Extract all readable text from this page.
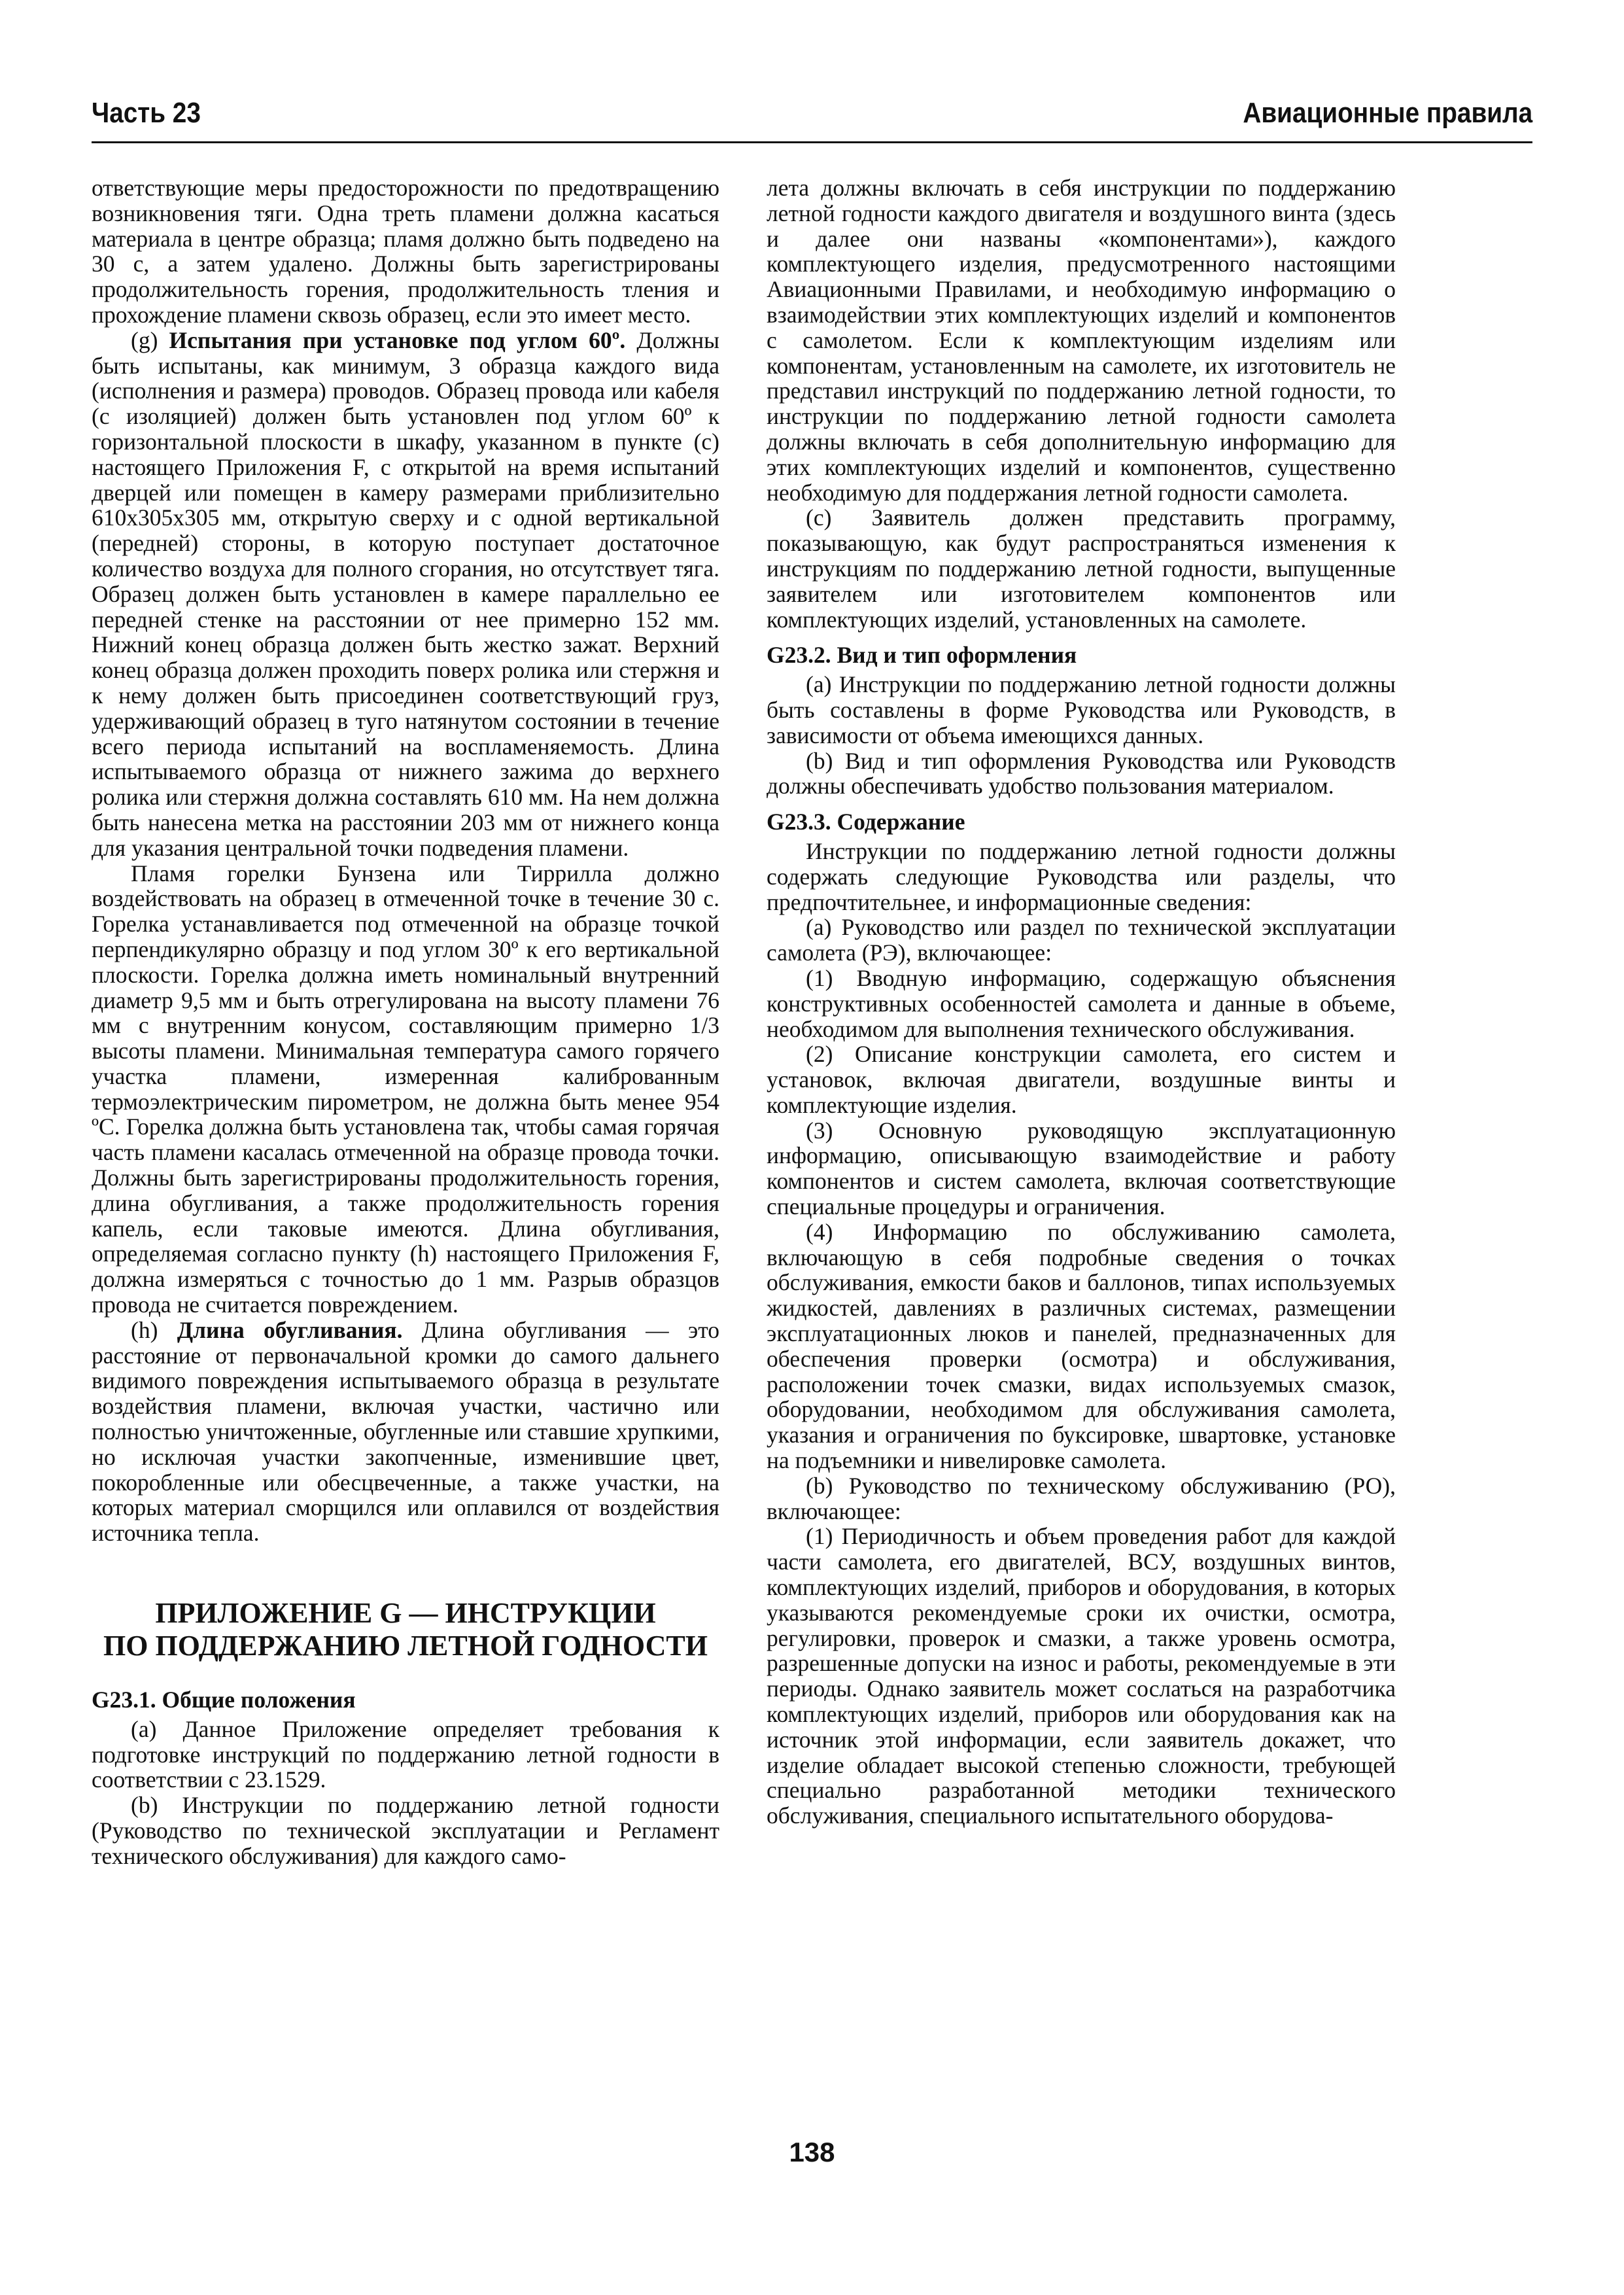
Часть 23	Авиационные правила

ответствующие меры предосторожности по предотвращению возникновения тяги. Одна треть пламени должна касаться материала в центре образца; пламя должно быть подведено на 30 с, а затем удалено. Должны быть зарегистрированы продолжительность горения, продолжительность тления и прохождение пламени сквозь образец, если это имеет место.

(g) Испытания при установке под углом 60º. Должны быть испытаны, как минимум, 3 образца каждого вида (исполнения и размера) проводов. Образец провода или кабеля (с изоляцией) должен быть установлен под углом 60º к горизонтальной плоскости в шкафу, указанном в пункте (c) настоящего Приложения F, с открытой на время испытаний дверцей или помещен в камеру размерами приблизительно 610x305x305 мм, открытую сверху и с одной вертикальной (передней) стороны, в которую поступает достаточное количество воздуха для полного сгорания, но отсутствует тяга. Образец должен быть установлен в камере параллельно ее передней стенке на расстоянии от нее примерно 152 мм. Нижний конец образца должен быть жестко зажат. Верхний конец образца должен проходить поверх ролика или стержня и к нему должен быть присоединен соответствующий груз, удерживающий образец в туго натянутом состоянии в течение всего периода испытаний на воспламеняемость. Длина испытываемого образца от нижнего зажима до верхнего ролика или стержня должна составлять 610 мм. На нем должна быть нанесена метка на расстоянии 203 мм от нижнего конца для указания центральной точки подведения пламени.

Пламя горелки Бунзена или Тиррилла должно воздействовать на образец в отмеченной точке в течение 30 с. Горелка устанавливается под отмеченной на образце точкой перпендикулярно образцу и под углом 30º к его вертикальной плоскости. Горелка должна иметь номинальный внутренний диаметр 9,5 мм и быть отрегулирована на высоту пламени 76 мм с внутренним конусом, составляющим примерно 1/3 высоты пламени. Минимальная температура самого горячего участка пламени, измеренная калиброванным термоэлектрическим пирометром, не должна быть менее 954 ºС. Горелка должна быть установлена так, чтобы самая горячая часть пламени касалась отмеченной на образце провода точки. Должны быть зарегистрированы продолжительность горения, длина обугливания, а также продолжительность горения капель, если таковые имеются. Длина обугливания, определяемая согласно пункту (h) настоящего Приложения F, должна измеряться с точностью до 1 мм. Разрыв образцов провода не считается повреждением.

(h) Длина обугливания. Длина обугливания — это расстояние от первоначальной кромки до самого дальнего видимого повреждения испытываемого образца в результате воздействия пламени, включая участки, частично или полностью уничтоженные, обугленные или ставшие хрупкими, но исключая участки закопченные, изменившие цвет, покоробленные или обесцвеченные, а также участки, на которых материал сморщился или оплавился от воздействия источника тепла.

ПРИЛОЖЕНИЕ G — ИНСТРУКЦИИ
ПО ПОДДЕРЖАНИЮ ЛЕТНОЙ ГОДНОСТИ

G23.1. Общие положения

(a) Данное Приложение определяет требования к подготовке инструкций по поддержанию летной годности в соответствии с 23.1529.

(b) Инструкции по поддержанию летной годности (Руководство по технической эксплуатации и Регламент технического обслуживания) для каждого само-

лета должны включать в себя инструкции по поддержанию летной годности каждого двигателя и воздушного винта (здесь и далее они названы «компонентами»), каждого комплектующего изделия, предусмотренного настоящими Авиационными Правилами, и необходимую информацию о взаимодействии этих комплектующих изделий и компонентов с самолетом. Если к комплектующим изделиям или компонентам, установленным на самолете, их изготовитель не представил инструкций по поддержанию летной годности, то инструкции по поддержанию летной годности самолета должны включать в себя дополнительную информацию для этих комплектующих изделий и компонентов, существенно необходимую для поддержания летной годности самолета.

(c) Заявитель должен представить программу, показывающую, как будут распространяться изменения к инструкциям по поддержанию летной годности, выпущенные заявителем или изготовителем компонентов или комплектующих изделий, установленных на самолете.

G23.2. Вид и тип оформления

(a) Инструкции по поддержанию летной годности должны быть составлены в форме Руководства или Руководств, в зависимости от объема имеющихся данных.

(b) Вид и тип оформления Руководства или Руководств должны обеспечивать удобство пользования материалом.

G23.3. Содержание

Инструкции по поддержанию летной годности должны содержать следующие Руководства или разделы, что предпочтительнее, и информационные сведения:

(a) Руководство или раздел по технической эксплуатации самолета (РЭ), включающее:

(1) Вводную информацию, содержащую объяснения конструктивных особенностей самолета и данные в объеме, необходимом для выполнения технического обслуживания.

(2) Описание конструкции самолета, его систем и установок, включая двигатели, воздушные винты и комплектующие изделия.

(3) Основную руководящую эксплуатационную информацию, описывающую взаимодействие и работу компонентов и систем самолета, включая соответствующие специальные процедуры и ограничения.

(4) Информацию по обслуживанию самолета, включающую в себя подробные сведения о точках обслуживания, емкости баков и баллонов, типах используемых жидкостей, давлениях в различных системах, размещении эксплуатационных люков и панелей, предназначенных для обеспечения проверки (осмотра) и обслуживания, расположении точек смазки, видах используемых смазок, оборудовании, необходимом для обслуживания самолета, указания и ограничения по буксировке, швартовке, установке на подъемники и нивелировке самолета.

(b) Руководство по техническому обслуживанию (РО), включающее:

(1) Периодичность и объем проведения работ для каждой части самолета, его двигателей, ВСУ, воздушных винтов, комплектующих изделий, приборов и оборудования, в которых указываются рекомендуемые сроки их очистки, осмотра, регулировки, проверок и смазки, а также уровень осмотра, разрешенные допуски на износ и работы, рекомендуемые в эти периоды. Однако заявитель может сослаться на разработчика комплектующих изделий, приборов или оборудования как на источник этой информации, если заявитель докажет, что изделие обладает высокой степенью сложности, требующей специально разработанной методики технического обслуживания, специального испытательного оборудова-

138
